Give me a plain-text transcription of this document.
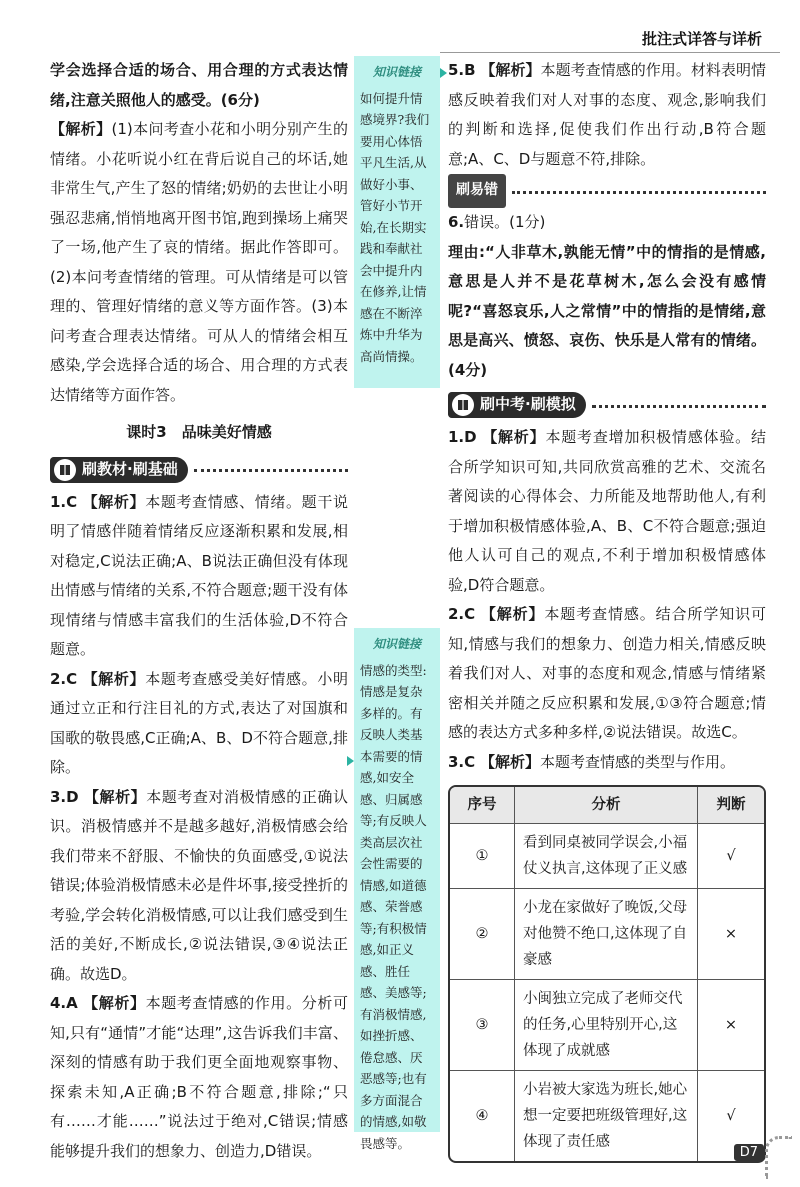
批注式详答与详析

学会选择合适的场合、用合理的方式表达情绪,注意关照他人的感受。(6分)

【解析】(1)本问考查小花和小明分别产生的情绪。小花听说小红在背后说自己的坏话,她非常生气,产生了怒的情绪;奶奶的去世让小明强忍悲痛,悄悄地离开图书馆,跑到操场上痛哭了一场,他产生了哀的情绪。据此作答即可。(2)本问考查情绪的管理。可从情绪是可以管理的、管理好情绪的意义等方面作答。(3)本问考查合理表达情绪。可从人的情绪会相互感染,学会选择合适的场合、用合理的方式表达情绪等方面作答。

课时3　品味美好情感
刷教材·刷基础

1.C 【解析】本题考查情感、情绪。题干说明了情感伴随着情绪反应逐渐积累和发展,相对稳定,C说法正确;A、B说法正确但没有体现出情感与情绪的关系,不符合题意;题干没有体现情绪与情感丰富我们的生活体验,D不符合题意。

2.C 【解析】本题考查感受美好情感。小明通过立正和行注目礼的方式,表达了对国旗和国歌的敬畏感,C正确;A、B、D不符合题意,排除。

3.D 【解析】本题考查对消极情感的正确认识。消极情感并不是越多越好,消极情感会给我们带来不舒服、不愉快的负面感受,①说法错误;体验消极情感未必是件坏事,接受挫折的考验,学会转化消极情感,可以让我们感受到生活的美好,不断成长,②说法错误,③④说法正确。故选D。

4.A 【解析】本题考查情感的作用。分析可知,只有“通情”才能“达理”,这告诉我们丰富、深刻的情感有助于我们更全面地观察事物、探索未知,A正确;B不符合题意,排除;“只有……才能……”说法过于绝对,C错误;情感能够提升我们的想象力、创造力,D错误。

知识链接
如何提升情感境界?我们要用心体悟平凡生活,从做好小事、管好小节开始,在长期实践和奉献社会中提升内在修养,让情感在不断淬炼中升华为高尚情操。
知识链接
情感的类型:情感是复杂多样的。有反映人类基本需要的情感,如安全感、归属感等;有反映人类高层次社会性需要的情感,如道德感、荣誉感等;有积极情感,如正义感、胜任感、美感等;有消极情感,如挫折感、倦怠感、厌恶感等;也有多方面混合的情感,如敬畏感等。

5.B 【解析】本题考查情感的作用。材料表明情感反映着我们对人对事的态度、观念,影响我们的判断和选择,促使我们作出行动,B符合题意;A、C、D与题意不符,排除。

刷易错

6.错误。(1分)

理由:“人非草木,孰能无情”中的情指的是情感,意思是人并不是花草树木,怎么会没有感情呢?“喜怒哀乐,人之常情”中的情指的是情绪,意思是高兴、愤怒、哀伤、快乐是人常有的情绪。(4分)

刷中考·刷模拟

1.D 【解析】本题考查增加积极情感体验。结合所学知识可知,共同欣赏高雅的艺术、交流名著阅读的心得体会、力所能及地帮助他人,有利于增加积极情感体验,A、B、C不符合题意;强迫他人认可自己的观点,不利于增加积极情感体验,D符合题意。

2.C 【解析】本题考查情感。结合所学知识可知,情感与我们的想象力、创造力相关,情感反映着我们对人、对事的态度和观念,情感与情绪紧密相关并随之反应积累和发展,①③符合题意;情感的表达方式多种多样,②说法错误。故选C。

3.C 【解析】本题考查情感的类型与作用。

序号	分析	判断
①	看到同桌被同学误会,小福仗义执言,这体现了正义感	√
②	小龙在家做好了晚饭,父母对他赞不绝口,这体现了自豪感	×
③	小闽独立完成了老师交代的任务,心里特别开心,这体现了成就感	×
④	小岩被大家选为班长,她心想一定要把班级管理好,这体现了责任感	√
D7
